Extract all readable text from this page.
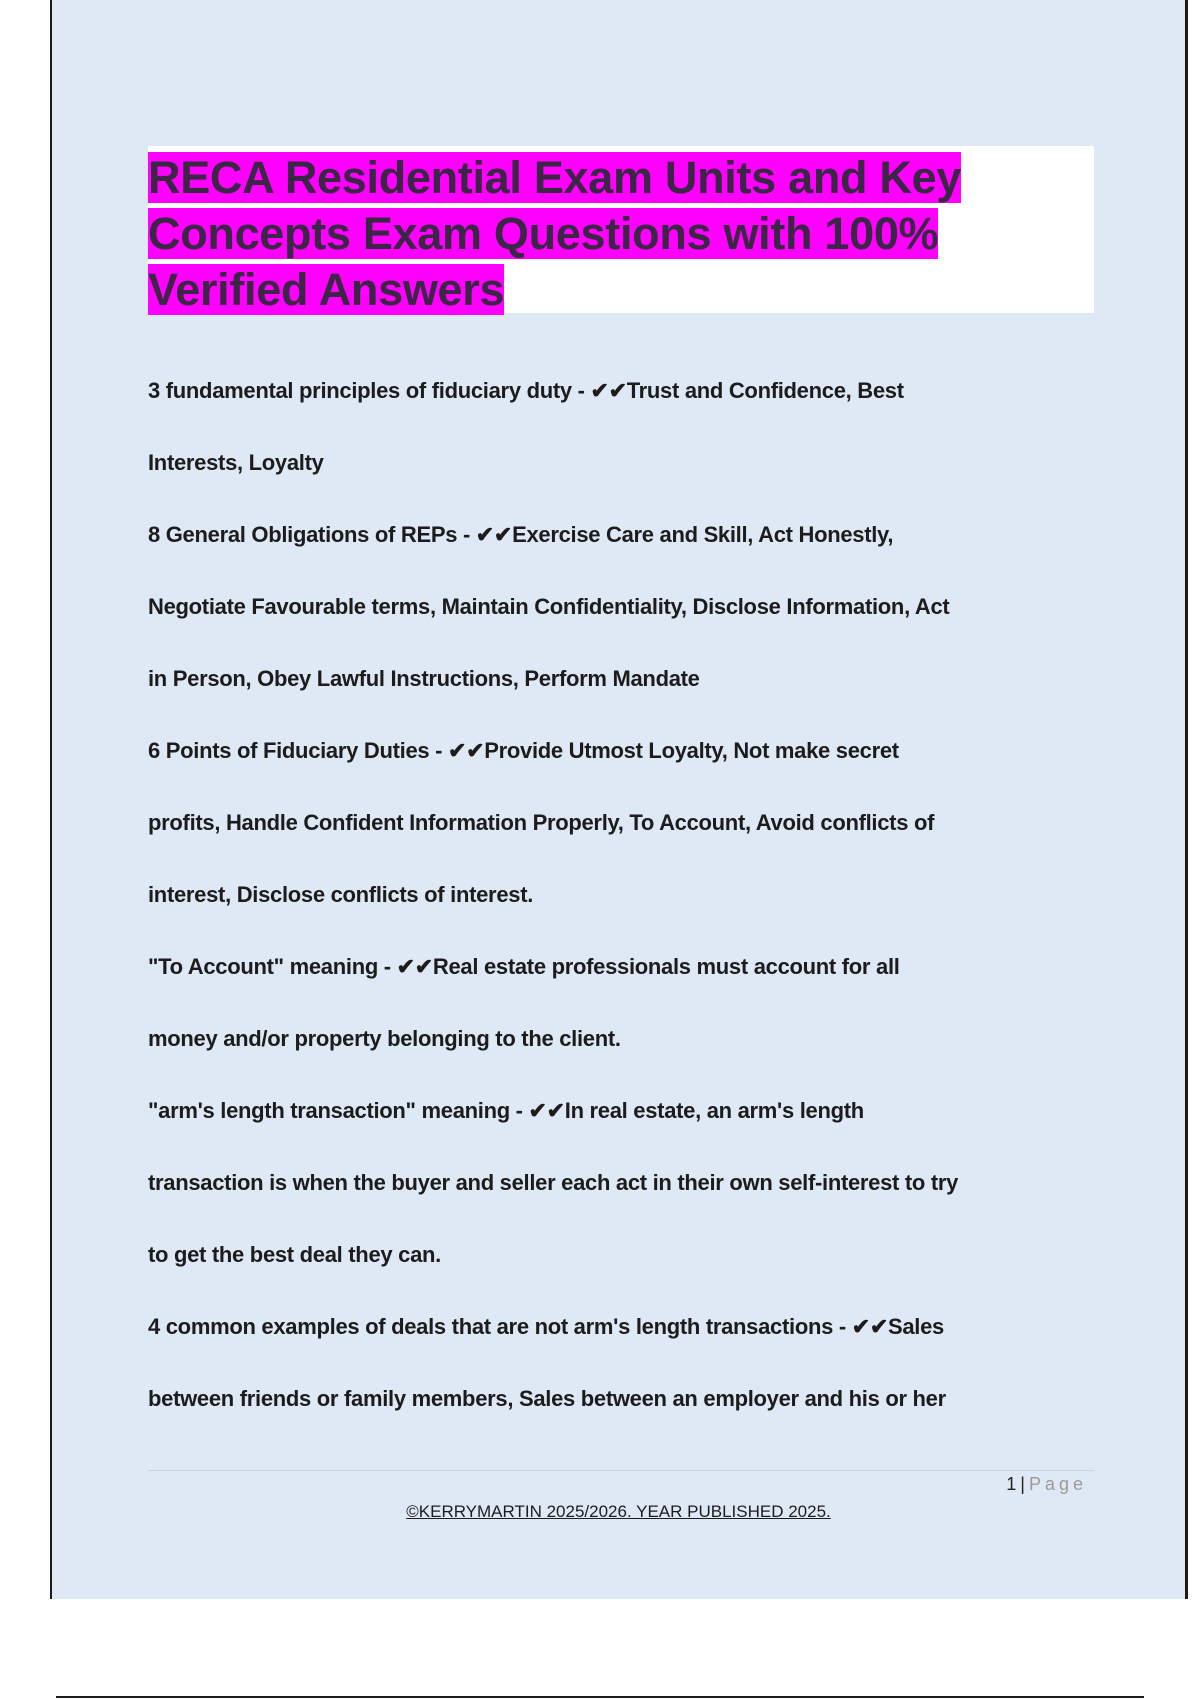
RECA Residential Exam Units and Key
Concepts Exam Questions with 100%
Verified Answers
3 fundamental principles of fiduciary duty - ✔✔Trust and Confidence, Best
Interests, Loyalty
8 General Obligations of REPs - ✔✔Exercise Care and Skill, Act Honestly,
Negotiate Favourable terms, Maintain Confidentiality, Disclose Information, Act
in Person, Obey Lawful Instructions, Perform Mandate
6 Points of Fiduciary Duties - ✔✔Provide Utmost Loyalty, Not make secret
profits, Handle Confident Information Properly, To Account, Avoid conflicts of
interest, Disclose conflicts of interest.
"To Account" meaning - ✔✔Real estate professionals must account for all
money and/or property belonging to the client.
"arm's length transaction" meaning - ✔✔In real estate, an arm's length
transaction is when the buyer and seller each act in their own self-interest to try
to get the best deal they can.
4 common examples of deals that are not arm's length transactions - ✔✔Sales
between friends or family members, Sales between an employer and his or her
1 | Page
©KERRYMARTIN 2025/2026. YEAR PUBLISHED 2025.
